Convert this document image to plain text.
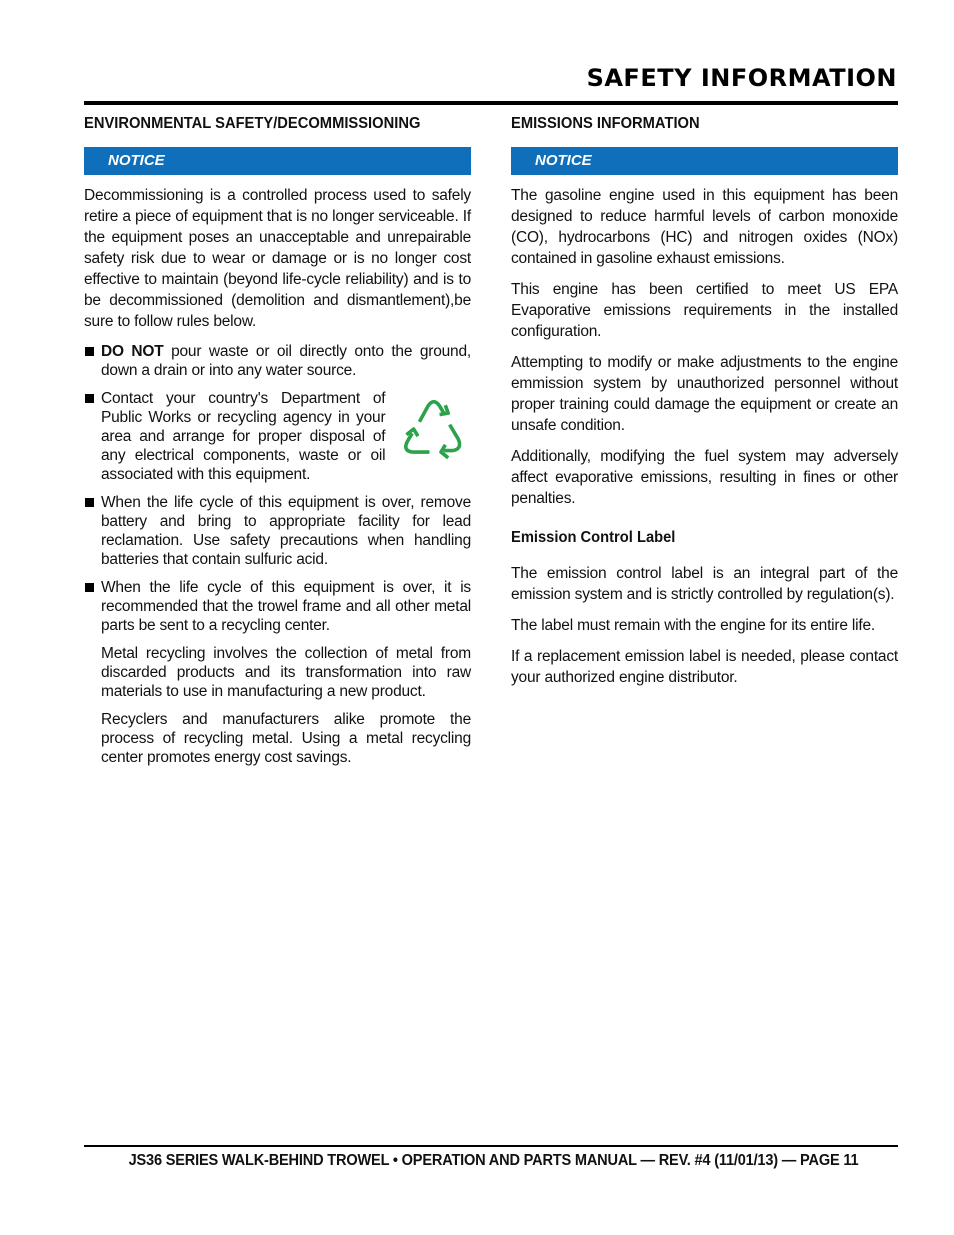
SAFETY INFORMATION
ENVIRONMENTAL SAFETY/DECOMMISSIONING
NOTICE

Decommissioning is a controlled process used to safely retire a piece of equipment that is no longer serviceable. If the equipment poses an unacceptable and unrepairable safety risk due to wear or damage or is no longer cost effective to maintain (beyond life-cycle reliability) and is to be decommissioned (demolition and dismantlement),be sure to follow rules below.

DO NOT pour waste or oil directly onto the ground, down a drain or into any water source.
Contact your country's Department of Public Works or recycling agency in your area and arrange for proper disposal of any electrical components, waste or oil associated with this equipment.
When the life cycle of this equipment is over, remove battery and bring to appropriate facility for lead reclamation. Use safety precautions when handling batteries that contain sulfuric acid.
When the life cycle of this equipment is over, it is recommended that the trowel frame and all other metal parts be sent to a recycling center.
Metal recycling involves the collection of metal from discarded products and its transformation into raw materials to use in manufacturing a new product.
Recyclers and manufacturers alike promote the process of recycling metal. Using a metal recycling center promotes energy cost savings.
EMISSIONS INFORMATION
NOTICE

The gasoline engine used in this equipment has been designed to reduce harmful levels of carbon monoxide (CO), hydrocarbons (HC) and nitrogen oxides (NOx) contained in gasoline exhaust emissions.

This engine has been certified to meet US EPA Evaporative emissions requirements in the installed configuration.

Attempting to modify or make adjustments to the engine emmission system by unauthorized personnel without proper training could damage the equipment or create an unsafe condition.

Additionally, modifying the fuel system may adversely affect evaporative emissions, resulting in fines or other penalties.

Emission Control Label

The emission control label is an integral part of the emission system and is strictly controlled by regulation(s).

The label must remain with the engine for its entire life.

If a replacement emission label is needed, please contact your authorized engine distributor.

JS36 SERIES WALK-BEHIND TROWEL • OPERATION AND PARTS MANUAL — REV. #4 (11/01/13) — PAGE 11
